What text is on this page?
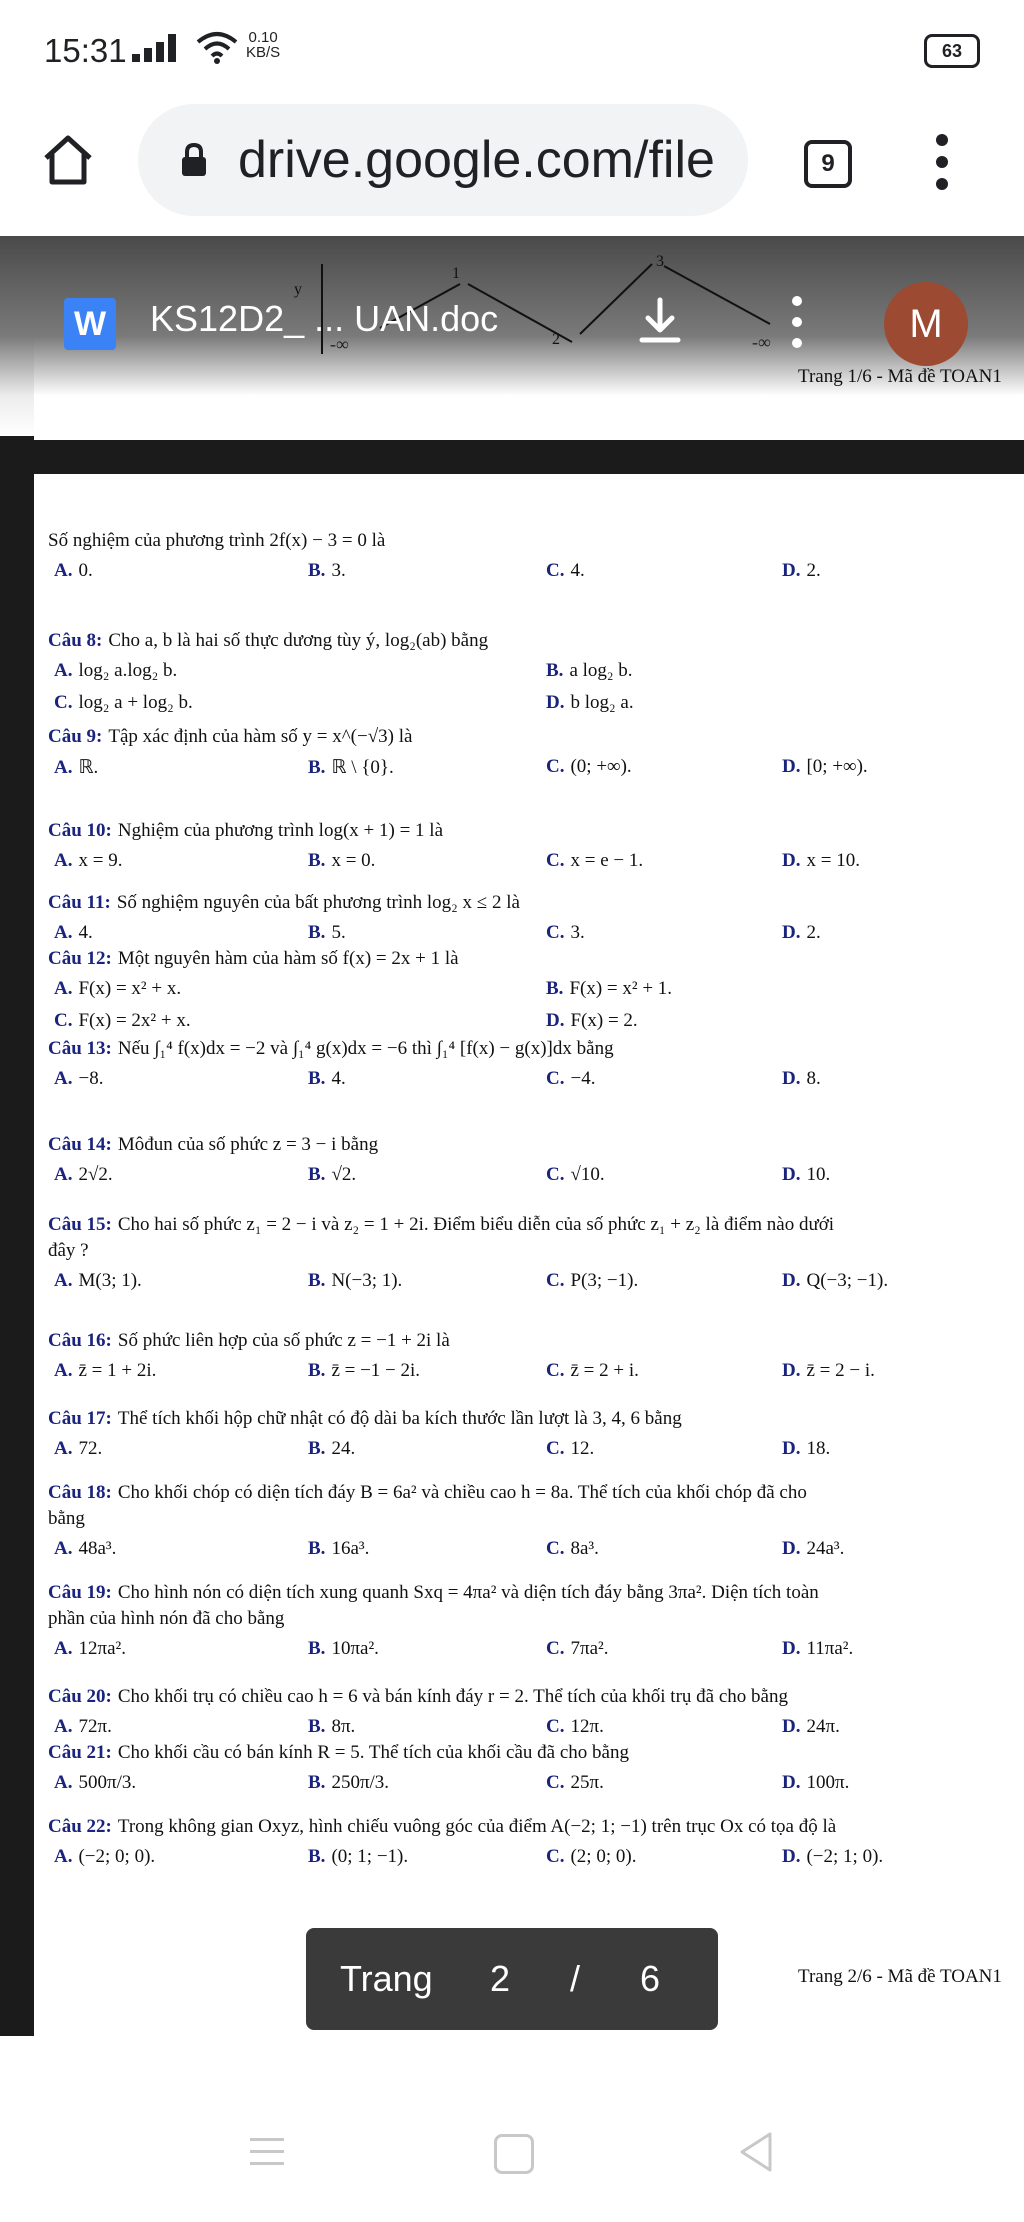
15:31	0.10
KB/S	63
drive.google.com/file	9
y
-∞
1
2
3
-∞
W KS12D2_ ... UAN.doc	M
Trang 1/6 - Mã đề TOAN1
Số nghiệm của phương trình 2f(x) − 3 = 0 là
A. 0.	B. 3.	C. 4.	D. 2.
Câu 8: Cho a, b là hai số thực dương tùy ý, log₂(ab) bằng
A. log₂ a.log₂ b.	B. a log₂ b.
C. log₂ a + log₂ b.	D. b log₂ a.
Câu 9: Tập xác định của hàm số y = x^(−√3) là
A. ℝ.	B. ℝ \ {0}.	C. (0; +∞).	D. [0; +∞).
Câu 10: Nghiệm của phương trình log(x + 1) = 1 là
A. x = 9.	B. x = 0.	C. x = e − 1.	D. x = 10.
Câu 11: Số nghiệm nguyên của bất phương trình log₂ x ≤ 2 là
A. 4.	B. 5.	C. 3.	D. 2.
Câu 12: Một nguyên hàm của hàm số f(x) = 2x + 1 là
A. F(x) = x² + x.	B. F(x) = x² + 1.
C. F(x) = 2x² + x.	D. F(x) = 2.
Câu 13: Nếu ∫₁⁴ f(x)dx = −2 và ∫₁⁴ g(x)dx = −6 thì ∫₁⁴ [f(x) − g(x)]dx bằng
A. −8.	B. 4.	C. −4.	D. 8.
Câu 14: Môđun của số phức z = 3 − i bằng
A. 2√2.	B. √2.	C. √10.	D. 10.
Câu 15: Cho hai số phức z₁ = 2 − i và z₂ = 1 + 2i. Điểm biểu diễn của số phức z₁ + z₂ là điểm nào dưới
đây ?
A. M(3; 1).	B. N(−3; 1).	C. P(3; −1).	D. Q(−3; −1).
Câu 16: Số phức liên hợp của số phức z = −1 + 2i là
A. z̄ = 1 + 2i.	B. z̄ = −1 − 2i.	C. z̄ = 2 + i.	D. z̄ = 2 − i.
Câu 17: Thể tích khối hộp chữ nhật có độ dài ba kích thước lần lượt là 3, 4, 6 bằng
A. 72.	B. 24.	C. 12.	D. 18.
Câu 18: Cho khối chóp có diện tích đáy B = 6a² và chiều cao h = 8a. Thể tích của khối chóp đã cho
bằng
A. 48a³.	B. 16a³.	C. 8a³.	D. 24a³.
Câu 19: Cho hình nón có diện tích xung quanh Sxq = 4πa² và diện tích đáy bằng 3πa². Diện tích toàn
phần của hình nón đã cho bằng
A. 12πa².	B. 10πa².	C. 7πa².	D. 11πa².
Câu 20: Cho khối trụ có chiều cao h = 6 và bán kính đáy r = 2. Thể tích của khối trụ đã cho bằng
A. 72π.	B. 8π.	C. 12π.	D. 24π.
Câu 21: Cho khối cầu có bán kính R = 5. Thể tích của khối cầu đã cho bằng
A. 500π/3.	B. 250π/3.	C. 25π.	D. 100π.
Câu 22: Trong không gian Oxyz, hình chiếu vuông góc của điểm A(−2; 1; −1) trên trục Ox có tọa độ là
A. (−2; 0; 0).	B. (0; 1; −1).	C. (2; 0; 0).	D. (−2; 1; 0).
Trang 2/6 - Mã đề TOAN1
Trang 2 / 6
